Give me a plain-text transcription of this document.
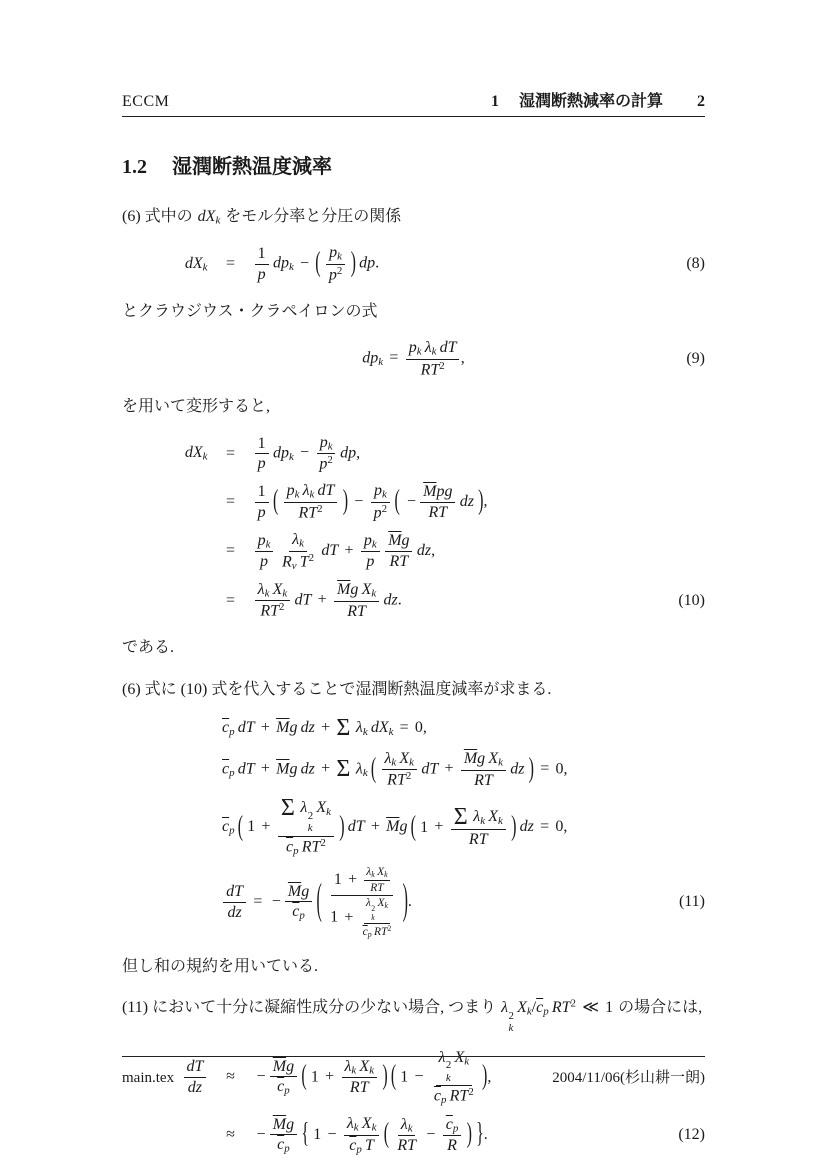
ECCM	1 湿潤断熱減率の計算 2
1.2 湿潤断熱温度減率

(6) 式中の $dX_k$ をモル分率と分圧の関係

$dX_k$	=	$\frac{1}{p} dp_k$ − ( $\frac{p_k}{p^2}$ ) dp.	(8)

とクラウジウス・クラペイロンの式

$dp_k = \frac{p_k \lambda_k dT}{RT^2}$ ,	(9)

を用いて変形すると,

$dX_k$	=	$\frac{1}{p} dp_k - \frac{p_k}{p^2}$ dp,
=	$\frac{1}{p}$ ( $\frac{p_k \lambda_k dT}{RT^2}$ ) − $\frac{p_k}{p^2}$ ( − $\frac{\overline{M}pg}{RT}$ dz ) ,
=	$\frac{p_k}{p} \frac{\lambda_k}{R_v T^2}$ dT + $\frac{p_k}{p} \frac{\overline{M}g}{RT}$ dz,
=	$\frac{\lambda_k X_k}{RT^2}$ dT + $\frac{\overline{M}g X_k}{RT}$ dz.	(10)

である.

(6) 式に (10) 式を代入することで湿潤断熱温度減率が求まる.

$\overline{c}_p$ dT + $\overline{M}g$ dz + Σ $\lambda_k$ $dX_k = 0$,
$\overline{c}_p$ dT + $\overline{M}g$ dz + Σ $\lambda_k$ ( $\frac{\lambda_k X_k}{RT^2}$ dT + $\frac{\overline{M}g X_k}{RT}$ dz ) = 0,
$\overline{c}_p$ ( 1 + Σ λ 2
k
$X_k$
$\overline{c}_p$ $RT^2$ ) dT + $\overline{M}g$ ( $1 + \frac{\Sigma \lambda_k X_k}{RT}$ ) dz = 0,
$\frac{dT}{dz}$ = − $\frac{\overline{M}g}{\overline{c}_p}$ ( $1 + \frac{\lambda_k X_k}{RT}$
1 + λ 2
k
$X_k$
$\overline{c}_p$ $RT^2$ ) .	(11)

但し和の規約を用いている.

(11) において十分に凝縮性成分の少ない場合, つまり λ 2
k
$X_k/\overline{c}_p$ $RT^2$ ≪ 1 の場合には,

$\frac{dT}{dz}$	≈	− $\frac{\overline{M}g}{\overline{c}_p}$ ( $1 + \frac{\lambda_k X_k}{RT}$ ) ( 1 − λ 2
k
$X_k$
$\overline{c}_p$ $RT^2$ ) ,
≈	− $\frac{\overline{M}g}{\overline{c}_p}$ { $1 - \frac{\lambda_k X_k}{\overline{c}_p T}$ ( $\frac{\lambda_k}{RT} - \frac{\overline{c}_p}{R}$ ) } .	(12)
main.tex	2004/11/06(杉山耕一朗)
